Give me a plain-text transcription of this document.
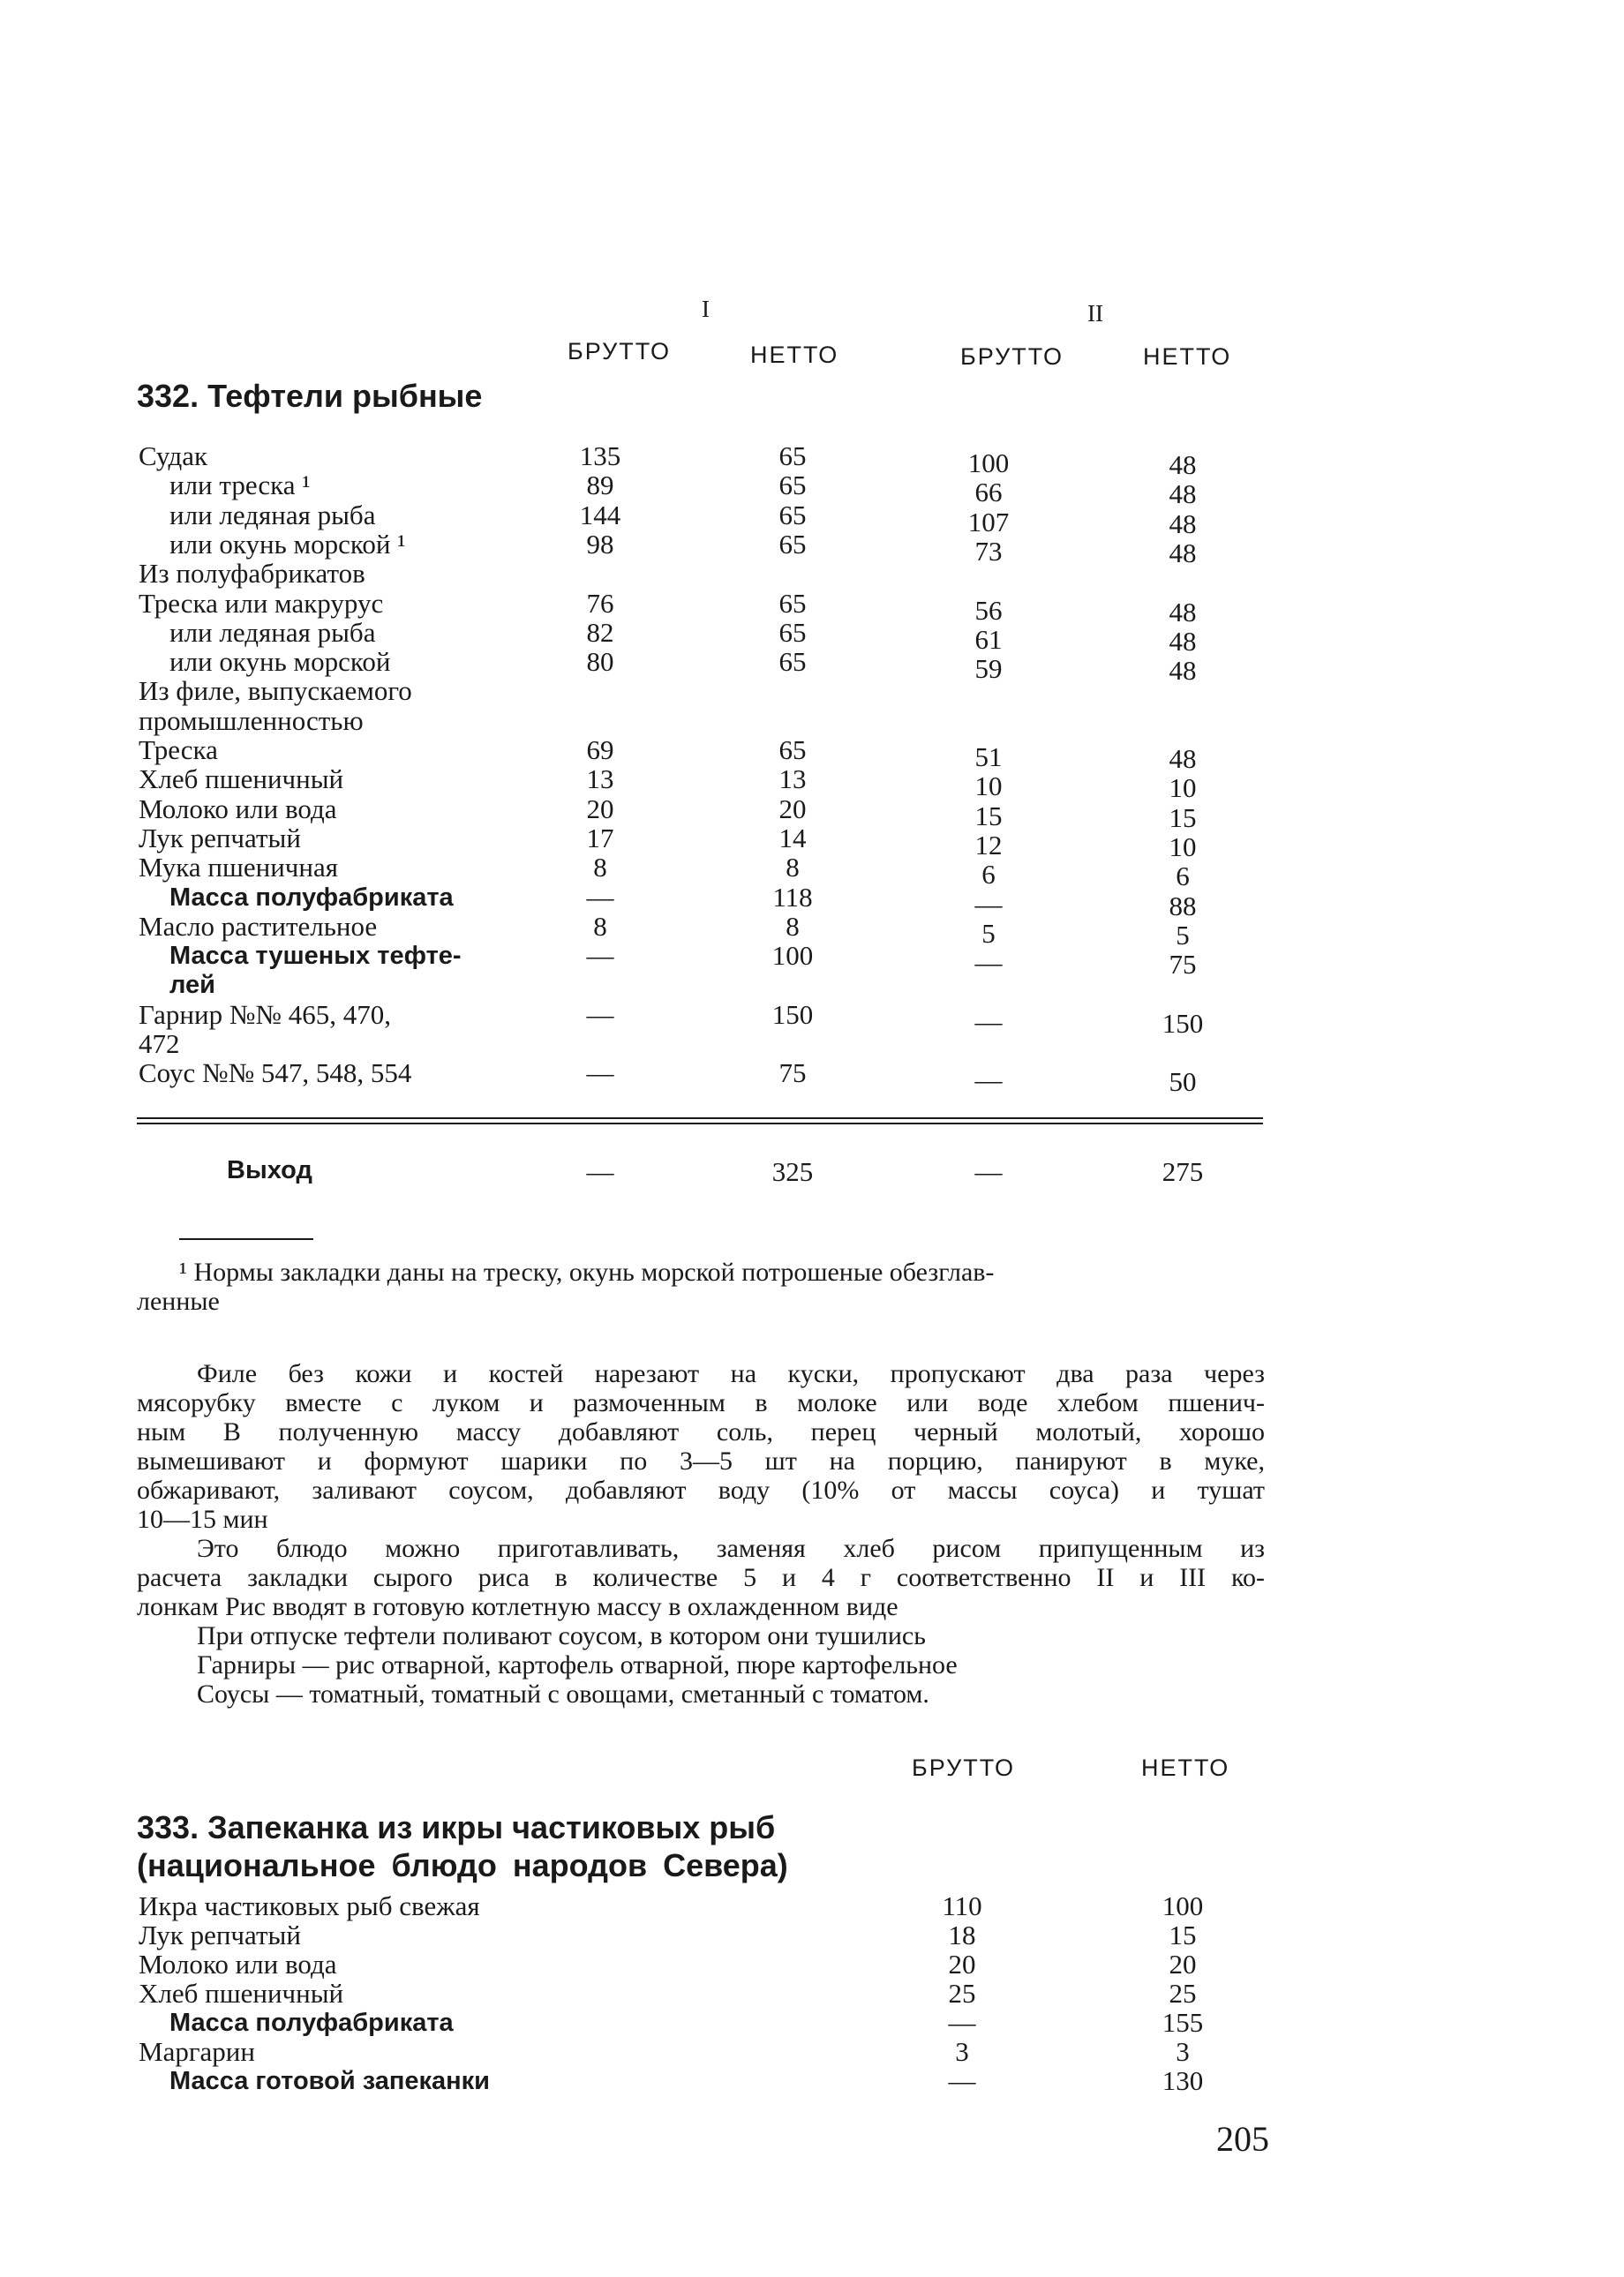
I	II
БРУТТО	НЕТТО	БРУТТО	НЕТТО
332. Тефтели рыбные
Судак	135	65	100	48
или треска ¹	89	65	66	48
или ледяная рыба	144	65	107	48
или окунь морской ¹	98	65	73	48
Из полуфабрикатов
Треска или макрурус	76	65	56	48
или ледяная рыба	82	65	61	48
или окунь морской	80	65	59	48
Из филе, выпускаемого
промышленностью
Треска	69	65	51	48
Хлеб пшеничный	13	13	10	10
Молоко или вода	20	20	15	15
Лук репчатый	17	14	12	10
Мука пшеничная	8	8	6	6
Масса полуфабриката	—	118	—	88
Масло растительное	8	8	5	5
Масса тушеных тефте-	—	100	—	75
лей
Гарнир №№ 465, 470,	—	150	—	150
472
Соус №№ 547, 548, 554	—	75	—	50
Выход	—	325	—	275
¹ Нормы закладки даны на треску, окунь морской потрошеные обезглав-
ленные
Филе без кожи и костей нарезают на куски, пропускают два раза через
мясорубку вместе с луком и размоченным в молоке или воде хлебом пшенич-
ным В полученную массу добавляют соль, перец черный молотый, хорошо
вымешивают и формуют шарики по 3—5 шт на порцию, панируют в муке,
обжаривают, заливают соусом, добавляют воду (10% от массы соуса) и тушат
10—15 мин
Это блюдо можно приготавливать, заменяя хлеб рисом припущенным из
расчета закладки сырого риса в количестве 5 и 4 г соответственно II и III ко-
лонкам Рис вводят в готовую котлетную массу в охлажденном виде
При отпуске тефтели поливают соусом, в котором они тушились
Гарниры — рис отварной, картофель отварной, пюре картофельное
Соусы — томатный, томатный с овощами, сметанный с томатом.
БРУТТО	НЕТТО
333. Запеканка из икры частиковых рыб
(национальное блюдо народов Севера)
Икра частиковых рыб свежая	110	100
Лук репчатый	18	15
Молоко или вода	20	20
Хлеб пшеничный	25	25
Масса полуфабриката	—	155
Маргарин	3	3
Масса готовой запеканки	—	130
205
